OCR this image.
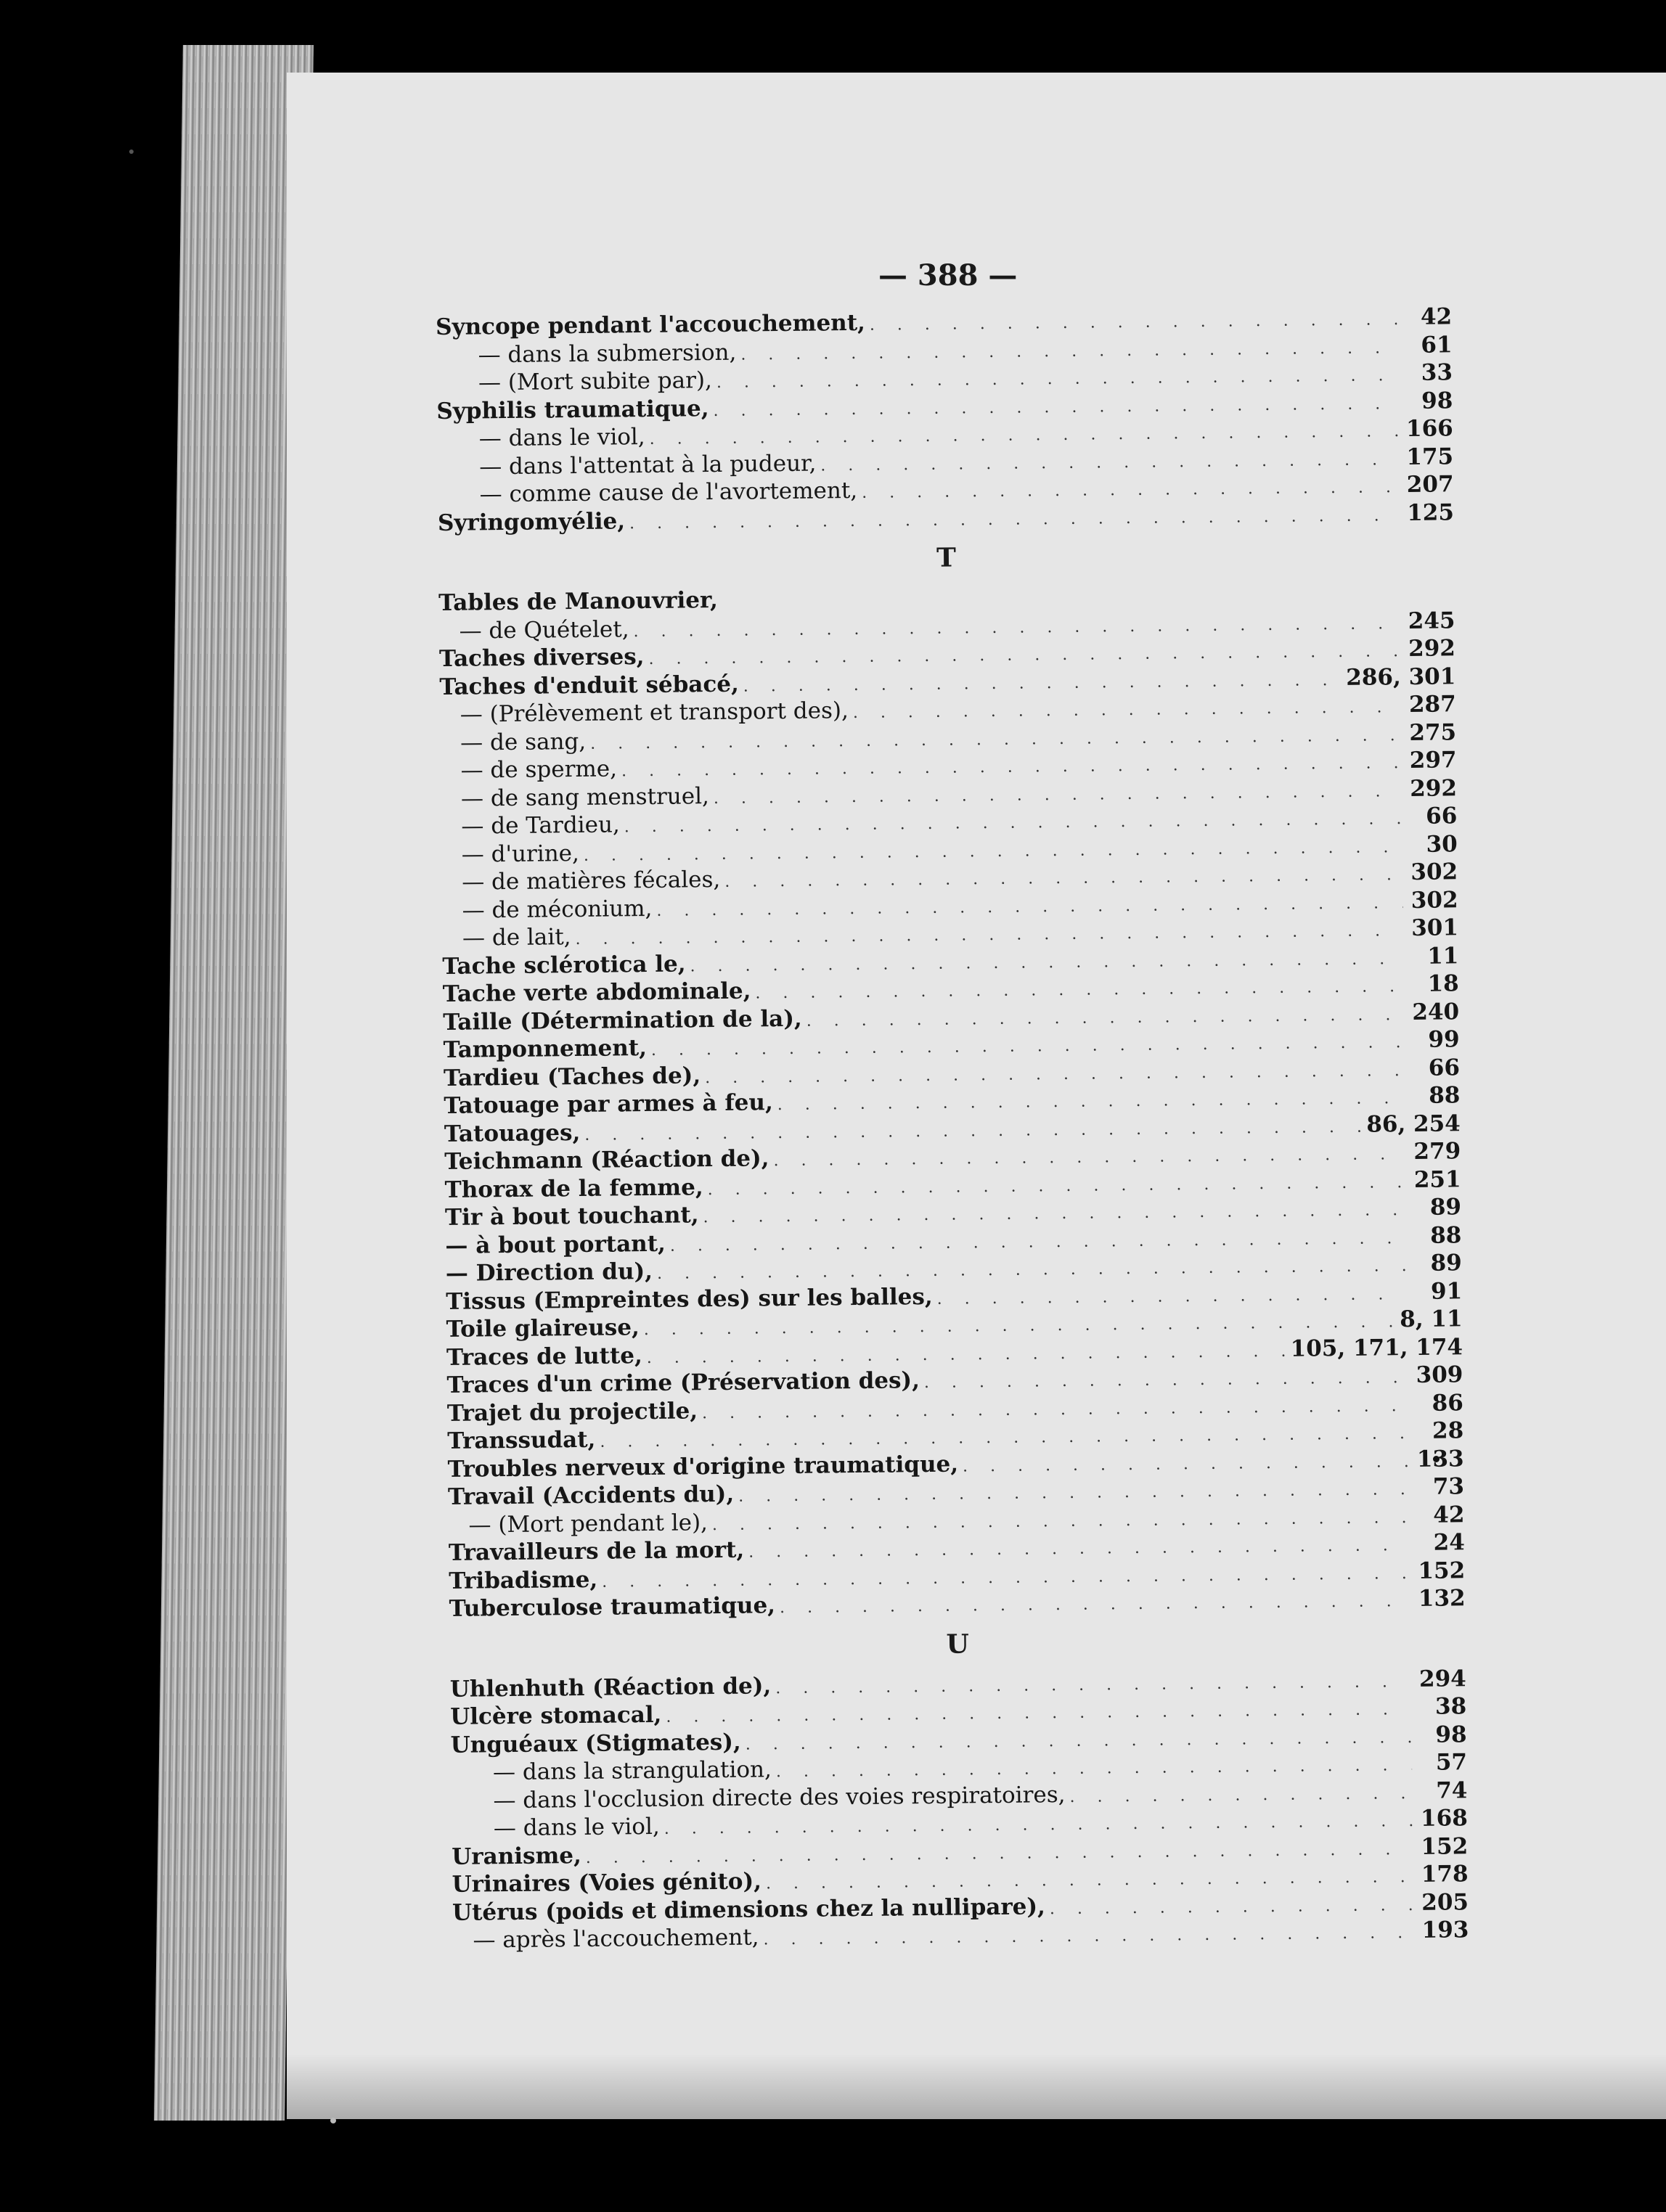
— 388 —
Syncope pendant l'accouchement, . . .	42
— dans la submersion, . . .	61
— (Mort subite par), . . .	33
Syphilis traumatique, . . .	98
— dans le viol, . . .	166
— dans l'attentat à la pudeur, . . .	175
— comme cause de l'avortement, . . .	207
Syringomyélie, . . .	125
T
Tables de Manouvrier,
— de Quételet, . . .	245
Taches diverses, . . .	292
Taches d'enduit sébacé, . . .	286, 301
— (Prélèvement et transport des), . . .	287
— de sang, . . .	275
— de sperme, . . .	297
— de sang menstruel, . . .	292
— de Tardieu, . . .	66
— d'urine, . . .	30
— de matières fécales, . . .	302
— de méconium, . . .	302
— de lait, . . .	301
Tache sclérotica le, . . .	11
Tache verte abdominale, . . .	18
Taille (Détermination de la), . . .	240
Tamponnement, . . .	99
Tardieu (Taches de), . . .	66
Tatouage par armes à feu, . . .	88
Tatouages, . . .	86, 254
Teichmann (Réaction de), . . .	279
Thorax de la femme, . . .	251
Tir à bout touchant, . . .	89
— à bout portant, . . .	88
— Direction du), . . .	89
Tissus (Empreintes des) sur les balles, . . .	91
Toile glaireuse, . . .	8, 11
Traces de lutte, . . .	105, 171, 174
Traces d'un crime (Préservation des), . . .	309
Trajet du projectile, . . .	86
Transsudat, . . .	28
Troubles nerveux d'origine traumatique, . . .	133
Travail (Accidents du), . . .	73
— (Mort pendant le), . . .	42
Travailleurs de la mort, . . .	24
Tribadisme, . . .	152
Tuberculose traumatique, . . .	132
U
Uhlenhuth (Réaction de), . . .	294
Ulcère stomacal, . . .	38
Unguéaux (Stigmates), . . .	98
— dans la strangulation, . . .	57
— dans l'occlusion directe des voies respiratoires, . . .	74
— dans le viol, . . .	168
Uranisme, . . .	152
Urinaires (Voies génito), . . .	178
Utérus (poids et dimensions chez la nullipare), . . .	205
— après l'accouchement, . . .	193
